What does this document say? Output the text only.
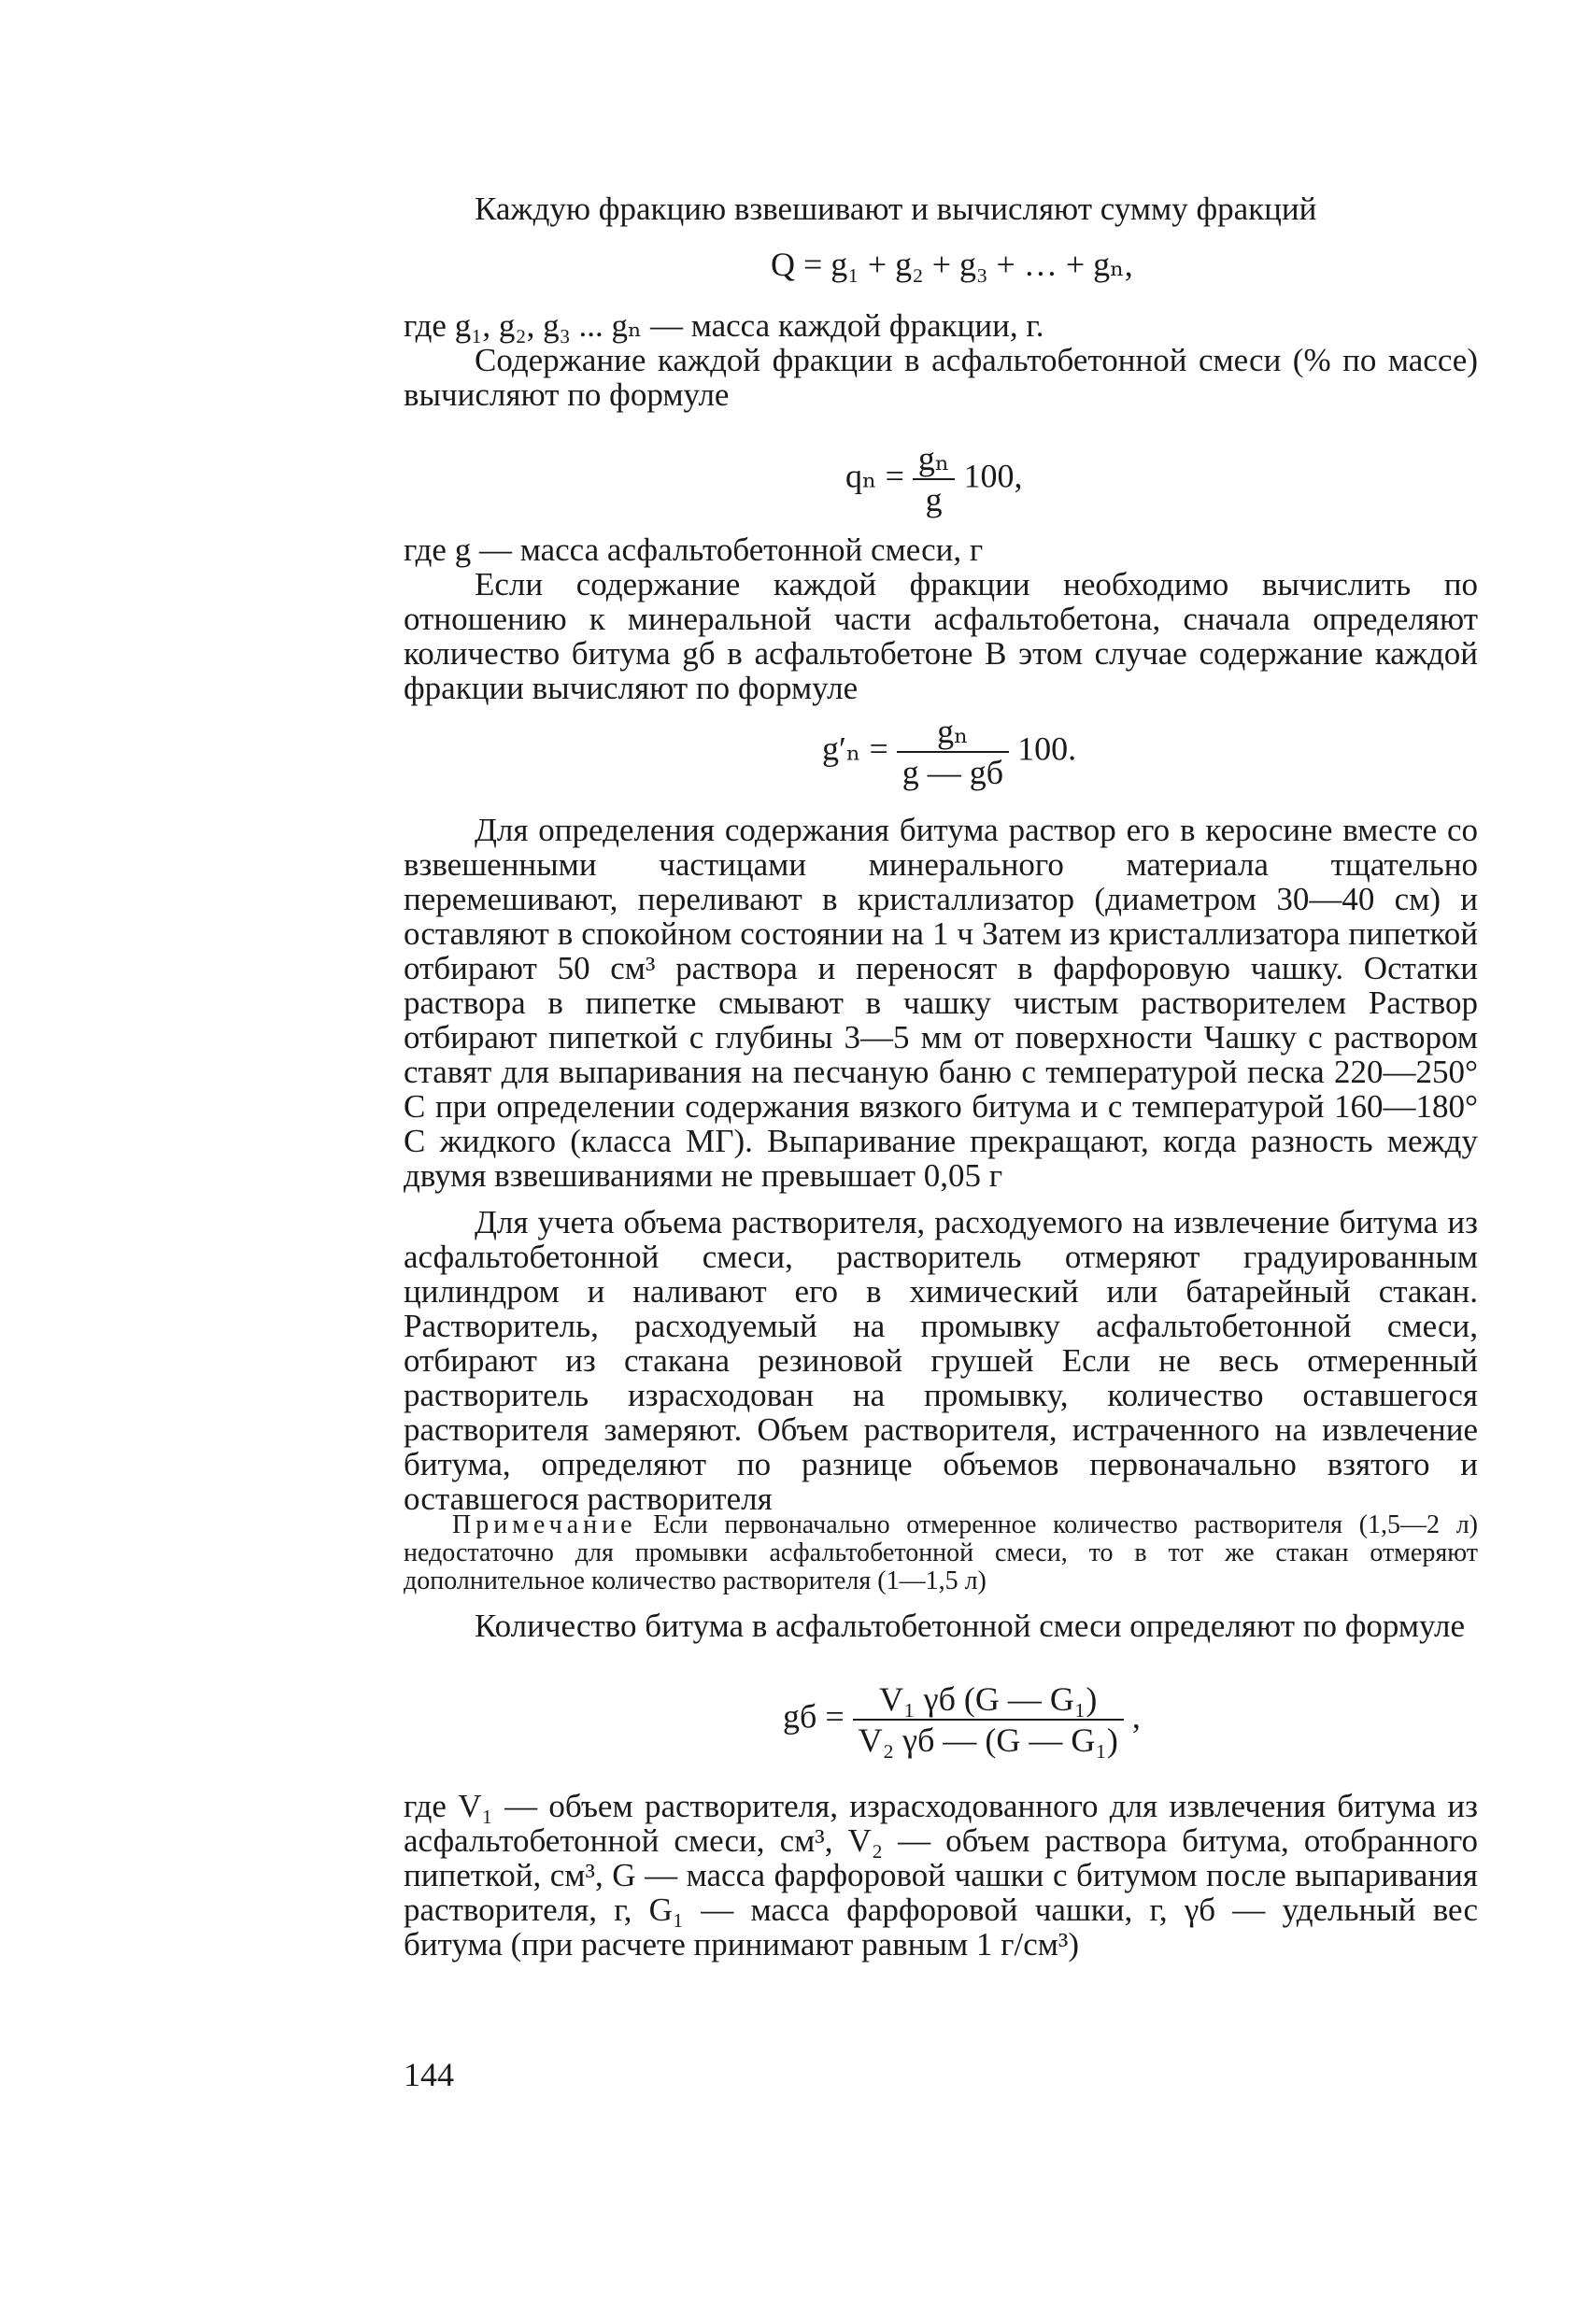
Каждую фракцию взвешивают и вычисляют сумму фракций

Q = g₁ + g₂ + g₃ + … + gₙ,

где g₁, g₂, g₃ ... gₙ — масса каждой фракции, г.

Содержание каждой фракции в асфальтобетонной смеси (% по массе) вычисляют по формуле

$q_n = \frac{\text{gₙ}}{g} 100$,

где g — масса асфальтобетонной смеси, г

Если содержание каждой фракции необходимо вычислить по отношению к минеральной части асфальтобетона, сначала определяют количество битума gб в асфальтобетоне В этом случае содержание каждой фракции вычисляют по формуле

$g'_n = \frac{\text{gₙ}}{g — gб} 100$.

Для определения содержания битума раствор его в керосине вместе со взвешенными частицами минерального материала тщательно перемешивают, переливают в кристаллизатор (диаметром 30—40 см) и оставляют в спокойном состоянии на 1 ч Затем из кристаллизатора пипеткой отбирают 50 см³ раствора и переносят в фарфоровую чашку. Остатки раствора в пипетке смывают в чашку чистым растворителем Раствор отбирают пипеткой с глубины 3—5 мм от поверхности Чашку с раствором ставят для выпаривания на песчаную баню с температурой песка 220—250° С при определении содержания вязкого битума и с температурой 160—180° С жидкого (класса МГ). Выпаривание прекращают, когда разность между двумя взвешиваниями не превышает 0,05 г

Для учета объема растворителя, расходуемого на извлечение битума из асфальтобетонной смеси, растворитель отмеряют градуированным цилиндром и наливают его в химический или батарейный стакан. Растворитель, расходуемый на промывку асфальтобетонной смеси, отбирают из стакана резиновой грушей Если не весь отмеренный растворитель израсходован на промывку, количество оставшегося растворителя замеряют. Объем растворителя, истраченного на извлечение битума, определяют по разнице объемов первоначально взятого и оставшегося растворителя

Примечание Если первоначально отмеренное количество растворителя (1,5—2 л) недостаточно для промывки асфальтобетонной смеси, то в тот же стакан отмеряют дополнительное количество растворителя (1—1,5 л)

Количество битума в асфальтобетонной смеси определяют по формуле

gб = $\frac{\text{V₁ γб (G — G₁)}}{\text{V₂ γб — (G — G₁)}}$ ,

где V₁ — объем растворителя, израсходованного для извлечения битума из асфальтобетонной смеси, см³, V₂ — объем раствора битума, отобранного пипеткой, см³, G — масса фарфоровой чашки с битумом после выпаривания растворителя, г, G₁ — масса фарфоровой чашки, г, γб — удельный вес битума (при расчете принимают равным 1 г/см³)

144
